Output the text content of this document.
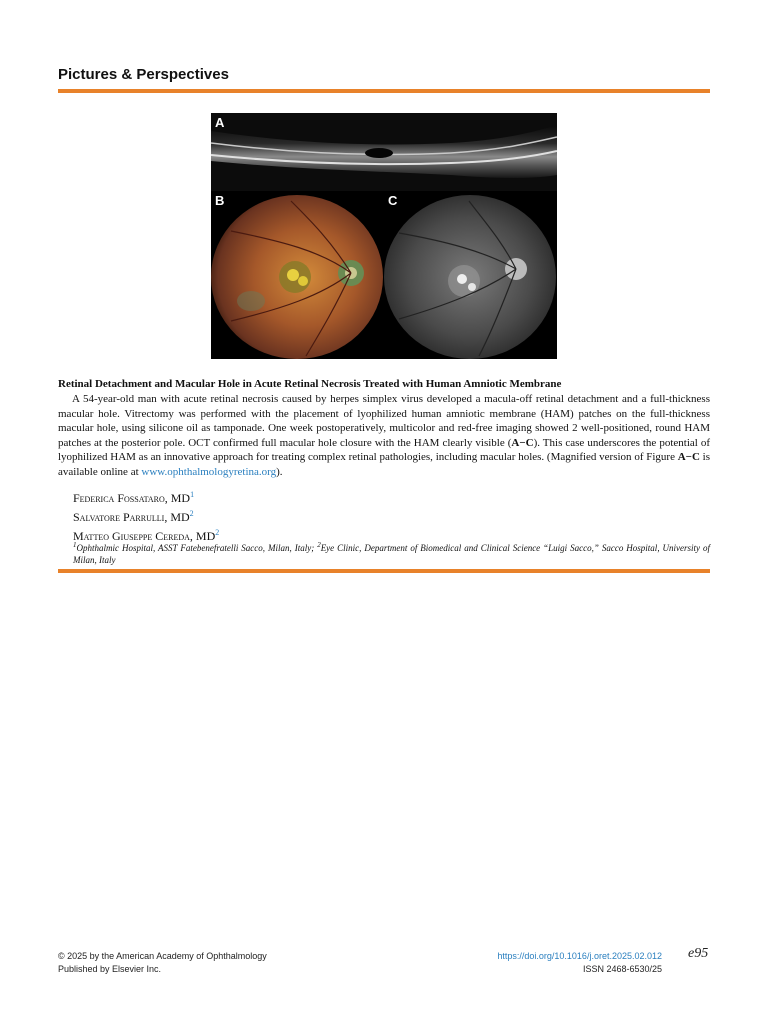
Pictures & Perspectives
A
B	C
Retinal Detachment and Macular Hole in Acute Retinal Necrosis Treated with Human Amniotic Membrane
A 54-year-old man with acute retinal necrosis caused by herpes simplex virus developed a macula-off retinal detachment and a full-thickness macular hole. Vitrectomy was performed with the placement of lyophilized human amniotic membrane (HAM) patches on the full-thickness macular hole, using silicone oil as tamponade. One week postoperatively, multicolor and red-free imaging showed 2 well-positioned, round HAM patches at the posterior pole. OCT confirmed full macular hole closure with the HAM clearly visible (A−C). This case underscores the potential of lyophilized HAM as an innovative approach for treating complex retinal pathologies, including macular holes. (Magnified version of Figure A−C is available online at www.ophthalmologyretina.org).
Federica Fossataro, $MD^1$
Salvatore Parrulli, $MD^2$
Matteo Giuseppe Cereda, $MD^2$
$^1$Ophthalmic Hospital, ASST Fatebenefratelli Sacco, Milan, Italy; $^2$Eye Clinic, Department of Biomedical and Clinical Science “Luigi Sacco,” Sacco Hospital, University of Milan, Italy
© 2025 by the American Academy of Ophthalmology
Published by Elsevier Inc.
https://doi.org/10.1016/j.oret.2025.02.012
ISSN 2468-6530/25
e95
